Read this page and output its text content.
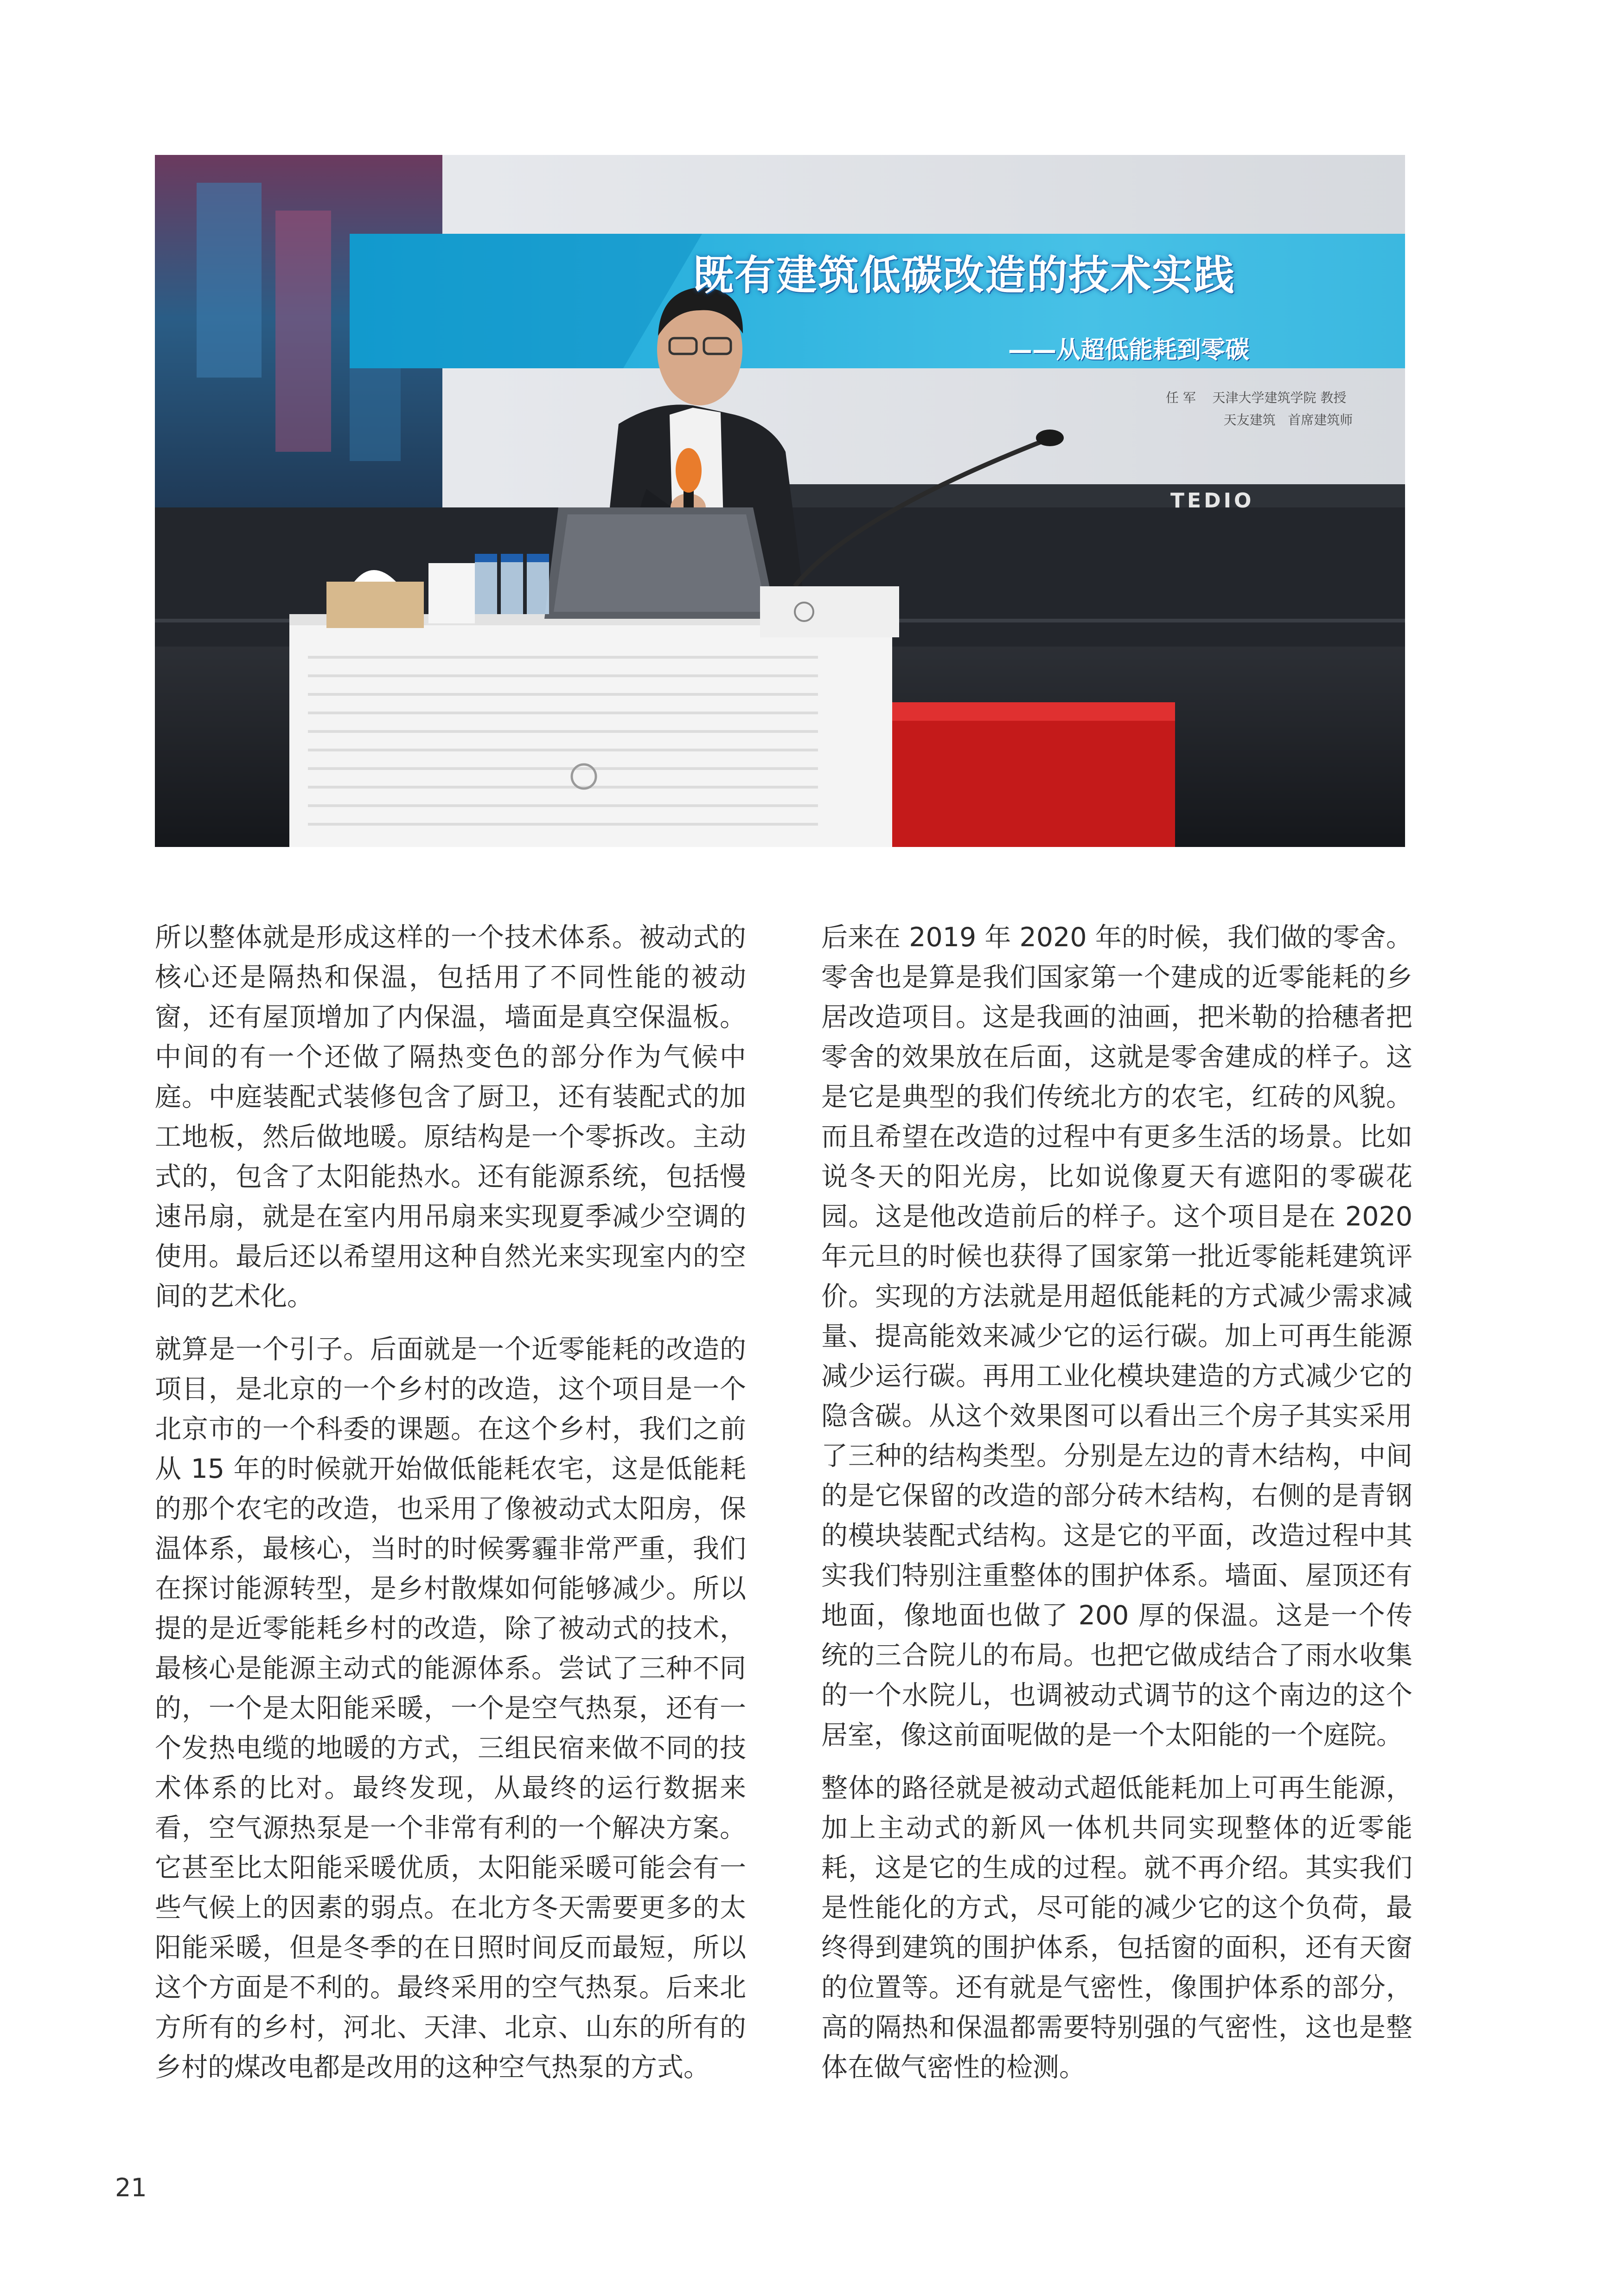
既有建筑低碳改造的技术实践
——从超低能耗到零碳
任 军    天津大学建筑学院 教授
天友建筑   首席建筑师
TEDIO

所以整体就是形成这样的一个技术体系。被动式的核心还是隔热和保温，包括用了不同性能的被动窗，还有屋顶增加了内保温，墙面是真空保温板。中间的有一个还做了隔热变色的部分作为气候中庭。中庭装配式装修包含了厨卫，还有装配式的加工地板，然后做地暖。原结构是一个零拆改。主动式的，包含了太阳能热水。还有能源系统，包括慢速吊扇，就是在室内用吊扇来实现夏季减少空调的使用。最后还以希望用这种自然光来实现室内的空间的艺术化。

就算是一个引子。后面就是一个近零能耗的改造的项目，是北京的一个乡村的改造，这个项目是一个北京市的一个科委的课题。在这个乡村，我们之前从 15 年的时候就开始做低能耗农宅，这是低能耗的那个农宅的改造，也采用了像被动式太阳房，保温体系，最核心，当时的时候雾霾非常严重，我们在探讨能源转型，是乡村散煤如何能够减少。所以提的是近零能耗乡村的改造，除了被动式的技术，最核心是能源主动式的能源体系。尝试了三种不同的，一个是太阳能采暖，一个是空气热泵，还有一个发热电缆的地暖的方式，三组民宿来做不同的技术体系的比对。最终发现，从最终的运行数据来看，空气源热泵是一个非常有利的一个解决方案。它甚至比太阳能采暖优质，太阳能采暖可能会有一些气候上的因素的弱点。在北方冬天需要更多的太阳能采暖，但是冬季的在日照时间反而最短，所以这个方面是不利的。最终采用的空气热泵。后来北方所有的乡村，河北、天津、北京、山东的所有的乡村的煤改电都是改用的这种空气热泵的方式。

后来在 2019 年 2020 年的时候，我们做的零舍。零舍也是算是我们国家第一个建成的近零能耗的乡居改造项目。这是我画的油画，把米勒的拾穗者把零舍的效果放在后面，这就是零舍建成的样子。这是它是典型的我们传统北方的农宅，红砖的风貌。而且希望在改造的过程中有更多生活的场景。比如说冬天的阳光房，比如说像夏天有遮阳的零碳花园。这是他改造前后的样子。这个项目是在 2020 年元旦的时候也获得了国家第一批近零能耗建筑评价。实现的方法就是用超低能耗的方式减少需求减量、提高能效来减少它的运行碳。加上可再生能源减少运行碳。再用工业化模块建造的方式减少它的隐含碳。从这个效果图可以看出三个房子其实采用了三种的结构类型。分别是左边的青木结构，中间的是它保留的改造的部分砖木结构，右侧的是青钢的模块装配式结构。这是它的平面，改造过程中其实我们特别注重整体的围护体系。墙面、屋顶还有地面，像地面也做了 200 厚的保温。这是一个传统的三合院儿的布局。也把它做成结合了雨水收集的一个水院儿，也调被动式调节的这个南边的这个居室，像这前面呢做的是一个太阳能的一个庭院。

整体的路径就是被动式超低能耗加上可再生能源，加上主动式的新风一体机共同实现整体的近零能耗，这是它的生成的过程。就不再介绍。其实我们是性能化的方式，尽可能的减少它的这个负荷，最终得到建筑的围护体系，包括窗的面积，还有天窗的位置等。还有就是气密性，像围护体系的部分，高的隔热和保温都需要特别强的气密性，这也是整体在做气密性的检测。

21
